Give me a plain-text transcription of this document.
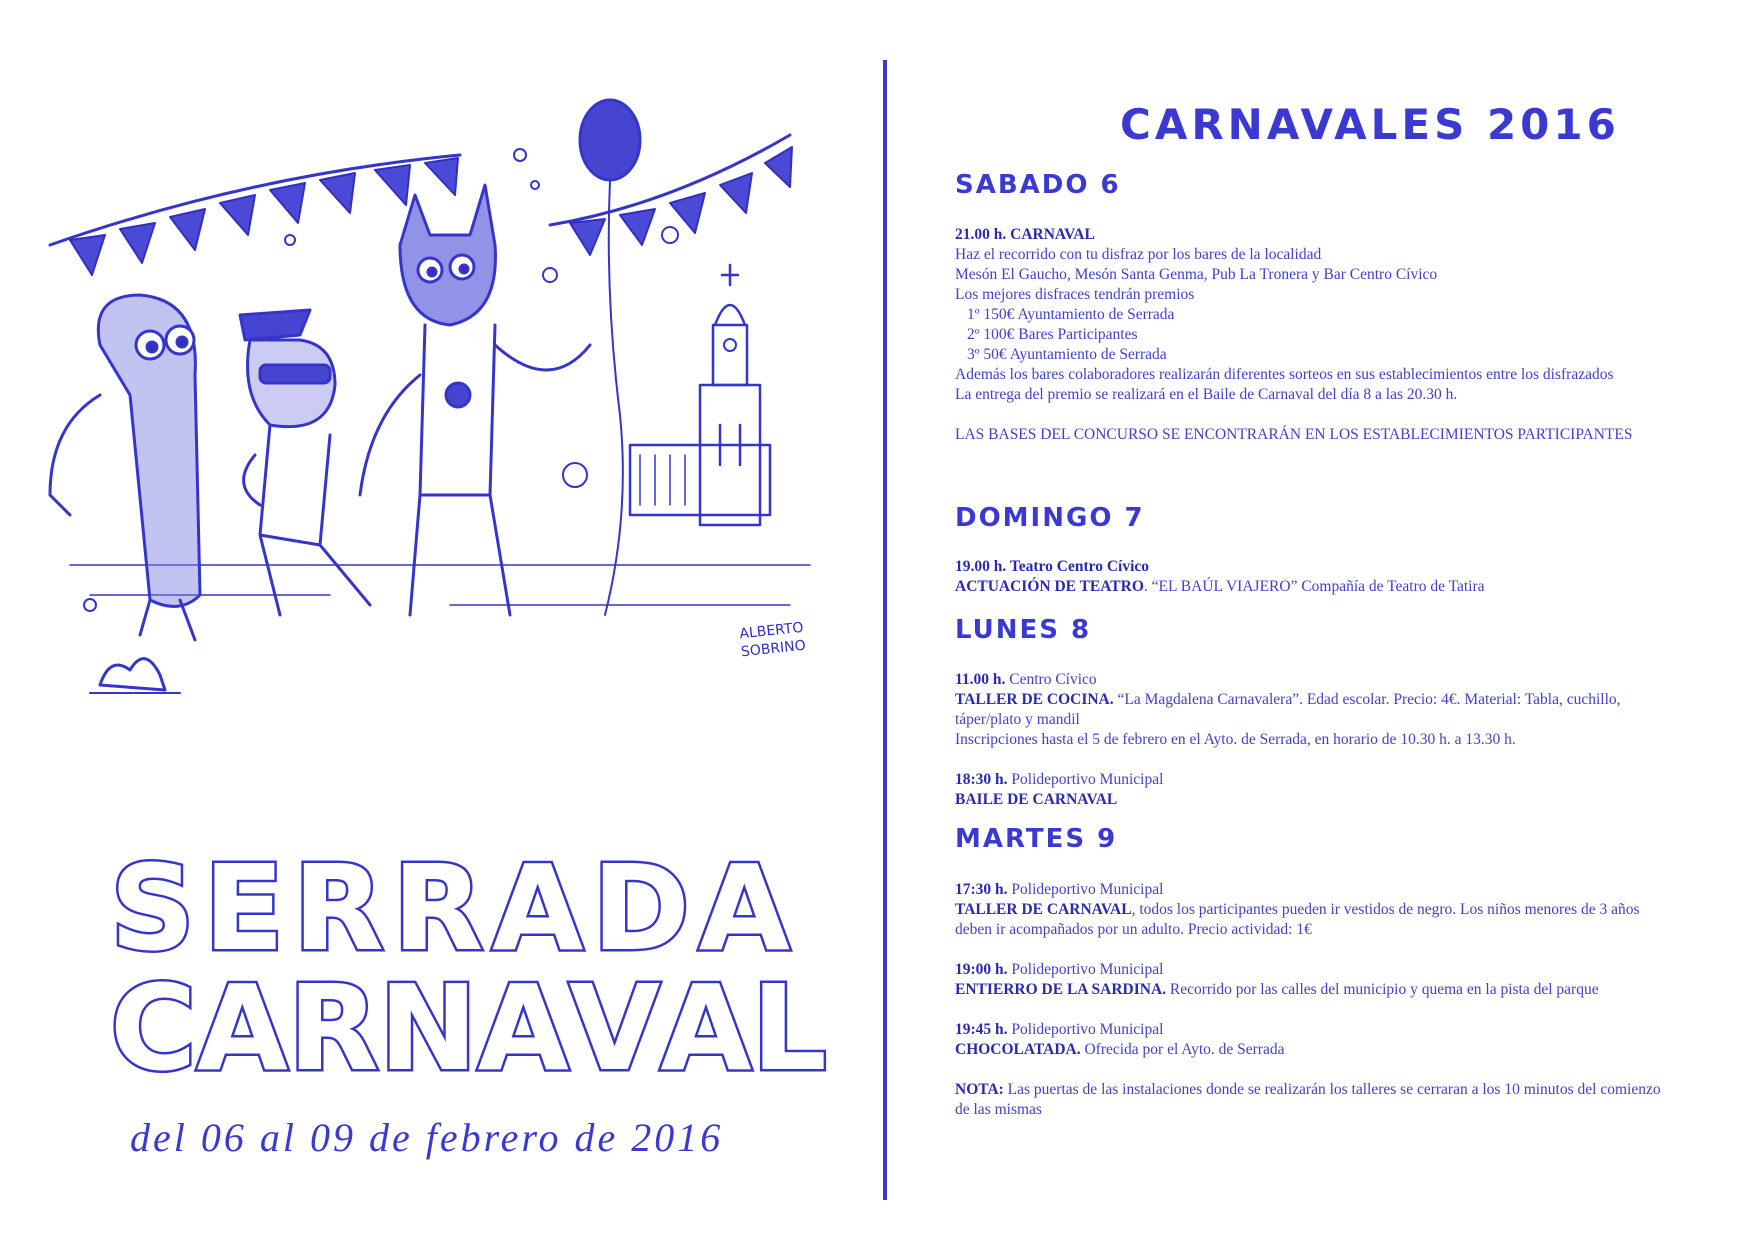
ALBERTO
SOBRINO
S E R R A D A
C A R N A V A L
del 06 al 09 de febrero de 2016
CARNAVALES 2016
SABADO 6

21.00 h. CARNAVAL

Haz el recorrido con tu disfraz por los bares de la localidad

Mesón El Gaucho, Mesón Santa Genma, Pub La Tronera y Bar Centro Cívico

Los mejores disfraces tendrán premios

1º 150€ Ayuntamiento de Serrada

2º 100€ Bares Participantes

3º 50€ Ayuntamiento de Serrada

Además los bares colaboradores realizarán diferentes sorteos en sus establecimientos entre los disfrazados

La entrega del premio se realizará en el Baile de Carnaval del día 8 a las 20.30 h.

LAS BASES DEL CONCURSO SE ENCONTRARÁN EN LOS ESTABLECIMIENTOS PARTICIPANTES

DOMINGO 7

19.00 h. Teatro Centro Cívico

ACTUACIÓN DE TEATRO. “EL BAÚL VIAJERO” Compañía de Teatro de Tatira

LUNES 8

11.00 h. Centro Cívico

TALLER DE COCINA. “La Magdalena Carnavalera”. Edad escolar. Precio: 4€. Material: Tabla, cuchillo, táper/plato y mandil

Inscripciones hasta el 5 de febrero en el Ayto. de Serrada, en horario de 10.30 h. a 13.30 h.

18:30 h. Polideportivo Municipal

BAILE DE CARNAVAL

MARTES 9

17:30 h. Polideportivo Municipal

TALLER DE CARNAVAL, todos los participantes pueden ir vestidos de negro. Los niños menores de 3 años deben ir acompañados por un adulto. Precio actividad: 1€

19:00 h. Polideportivo Municipal

ENTIERRO DE LA SARDINA. Recorrido por las calles del municipio y quema en la pista del parque

19:45 h. Polideportivo Municipal

CHOCOLATADA. Ofrecida por el Ayto. de Serrada

NOTA: Las puertas de las instalaciones donde se realizarán los talleres se cerraran a los 10 minutos del comienzo de las mismas
